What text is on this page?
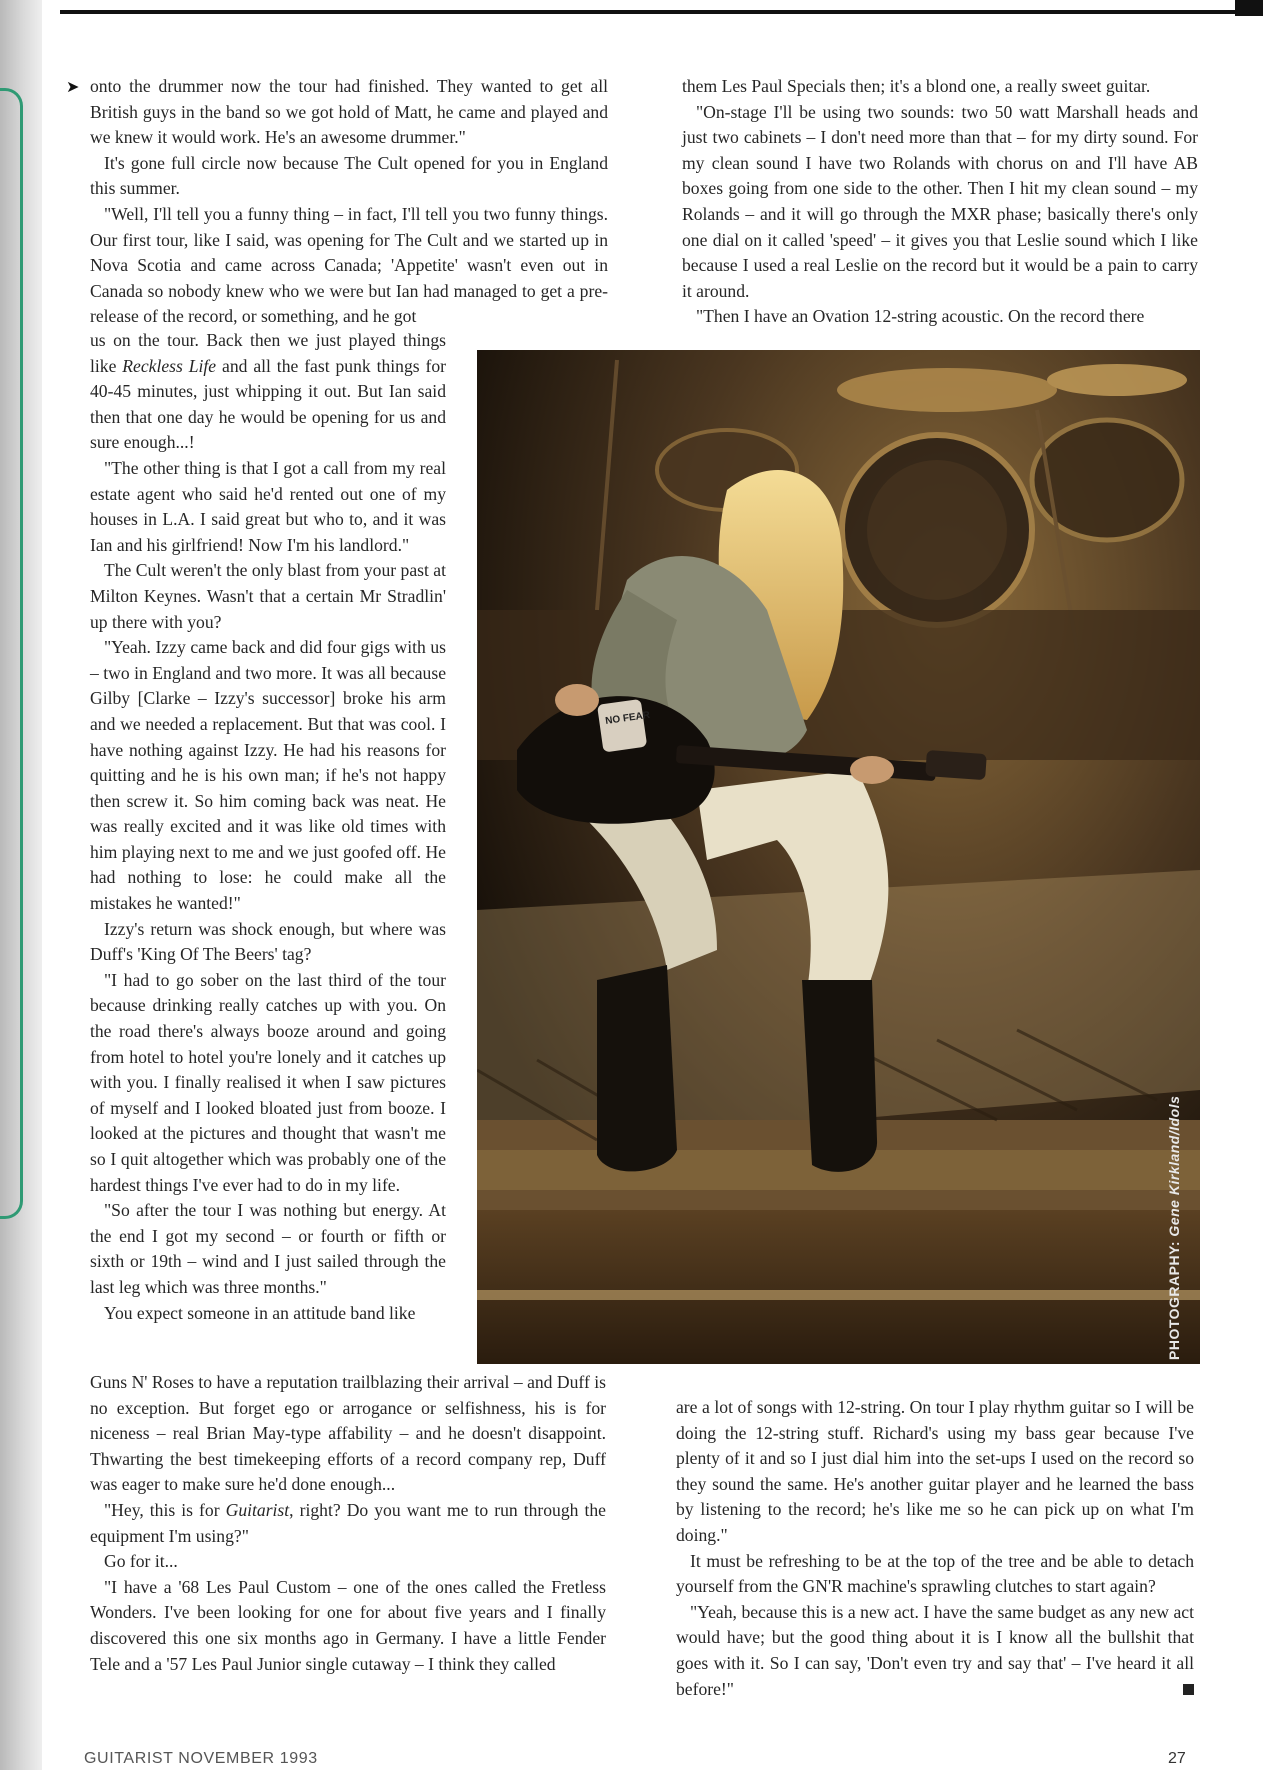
➤ onto the drummer now the tour had finished. They wanted to get all British guys in the band so we got hold of Matt, he came and played and we knew it would work. He's an awesome drummer."

It's gone full circle now because The Cult opened for you in England this summer.

"Well, I'll tell you a funny thing – in fact, I'll tell you two funny things. Our first tour, like I said, was opening for The Cult and we started up in Nova Scotia and came across Canada; 'Appetite' wasn't even out in Canada so nobody knew who we were but Ian had managed to get a pre-release of the record, or something, and he got

us on the tour. Back then we just played things like Reckless Life and all the fast punk things for 40-45 minutes, just whipping it out. But Ian said then that one day he would be opening for us and sure enough...!

"The other thing is that I got a call from my real estate agent who said he'd rented out one of my houses in L.A. I said great but who to, and it was Ian and his girlfriend! Now I'm his landlord."

The Cult weren't the only blast from your past at Milton Keynes. Wasn't that a certain Mr Stradlin' up there with you?

"Yeah. Izzy came back and did four gigs with us – two in England and two more. It was all because Gilby [Clarke – Izzy's successor] broke his arm and we needed a replacement. But that was cool. I have nothing against Izzy. He had his reasons for quitting and he is his own man; if he's not happy then screw it. So him coming back was neat. He was really excited and it was like old times with him playing next to me and we just goofed off. He had nothing to lose: he could make all the mistakes he wanted!"

Izzy's return was shock enough, but where was Duff's 'King Of The Beers' tag?

"I had to go sober on the last third of the tour because drinking really catches up with you. On the road there's always booze around and going from hotel to hotel you're lonely and it catches up with you. I finally realised it when I saw pictures of myself and I looked bloated just from booze. I looked at the pictures and thought that wasn't me so I quit altogether which was probably one of the hardest things I've ever had to do in my life.

"So after the tour I was nothing but energy. At the end I got my second – or fourth or fifth or sixth or 19th – wind and I just sailed through the last leg which was three months."

You expect someone in an attitude band like

Guns N' Roses to have a reputation trailblazing their arrival – and Duff is no exception. But forget ego or arrogance or selfishness, his is for niceness – real Brian May-type affability – and he doesn't disappoint. Thwarting the best timekeeping efforts of a record company rep, Duff was eager to make sure he'd done enough...

"Hey, this is for Guitarist, right? Do you want me to run through the equipment I'm using?"

Go for it...

"I have a '68 Les Paul Custom – one of the ones called the Fretless Wonders. I've been looking for one for about five years and I finally discovered this one six months ago in Germany. I have a little Fender Tele and a '57 Les Paul Junior single cutaway – I think they called

them Les Paul Specials then; it's a blond one, a really sweet guitar.

"On-stage I'll be using two sounds: two 50 watt Marshall heads and just two cabinets – I don't need more than that – for my dirty sound. For my clean sound I have two Rolands with chorus on and I'll have AB boxes going from one side to the other. Then I hit my clean sound – my Rolands – and it will go through the MXR phase; basically there's only one dial on it called 'speed' – it gives you that Leslie sound which I like because I used a real Leslie on the record but it would be a pain to carry it around.

"Then I have an Ovation 12-string acoustic. On the record there

NO FEAR
PHOTOGRAPHY: Gene Kirkland/Idols

are a lot of songs with 12-string. On tour I play rhythm guitar so I will be doing the 12-string stuff. Richard's using my bass gear because I've plenty of it and so I just dial him into the set-ups I used on the record so they sound the same. He's another guitar player and he learned the bass by listening to the record; he's like me so he can pick up on what I'm doing."

It must be refreshing to be at the top of the tree and be able to detach yourself from the GN'R machine's sprawling clutches to start again?

"Yeah, because this is a new act. I have the same budget as any new act would have; but the good thing about it is I know all the bullshit that goes with it. So I can say, 'Don't even try and say that' – I've heard it all before!"

GUITARIST NOVEMBER 1993	27
